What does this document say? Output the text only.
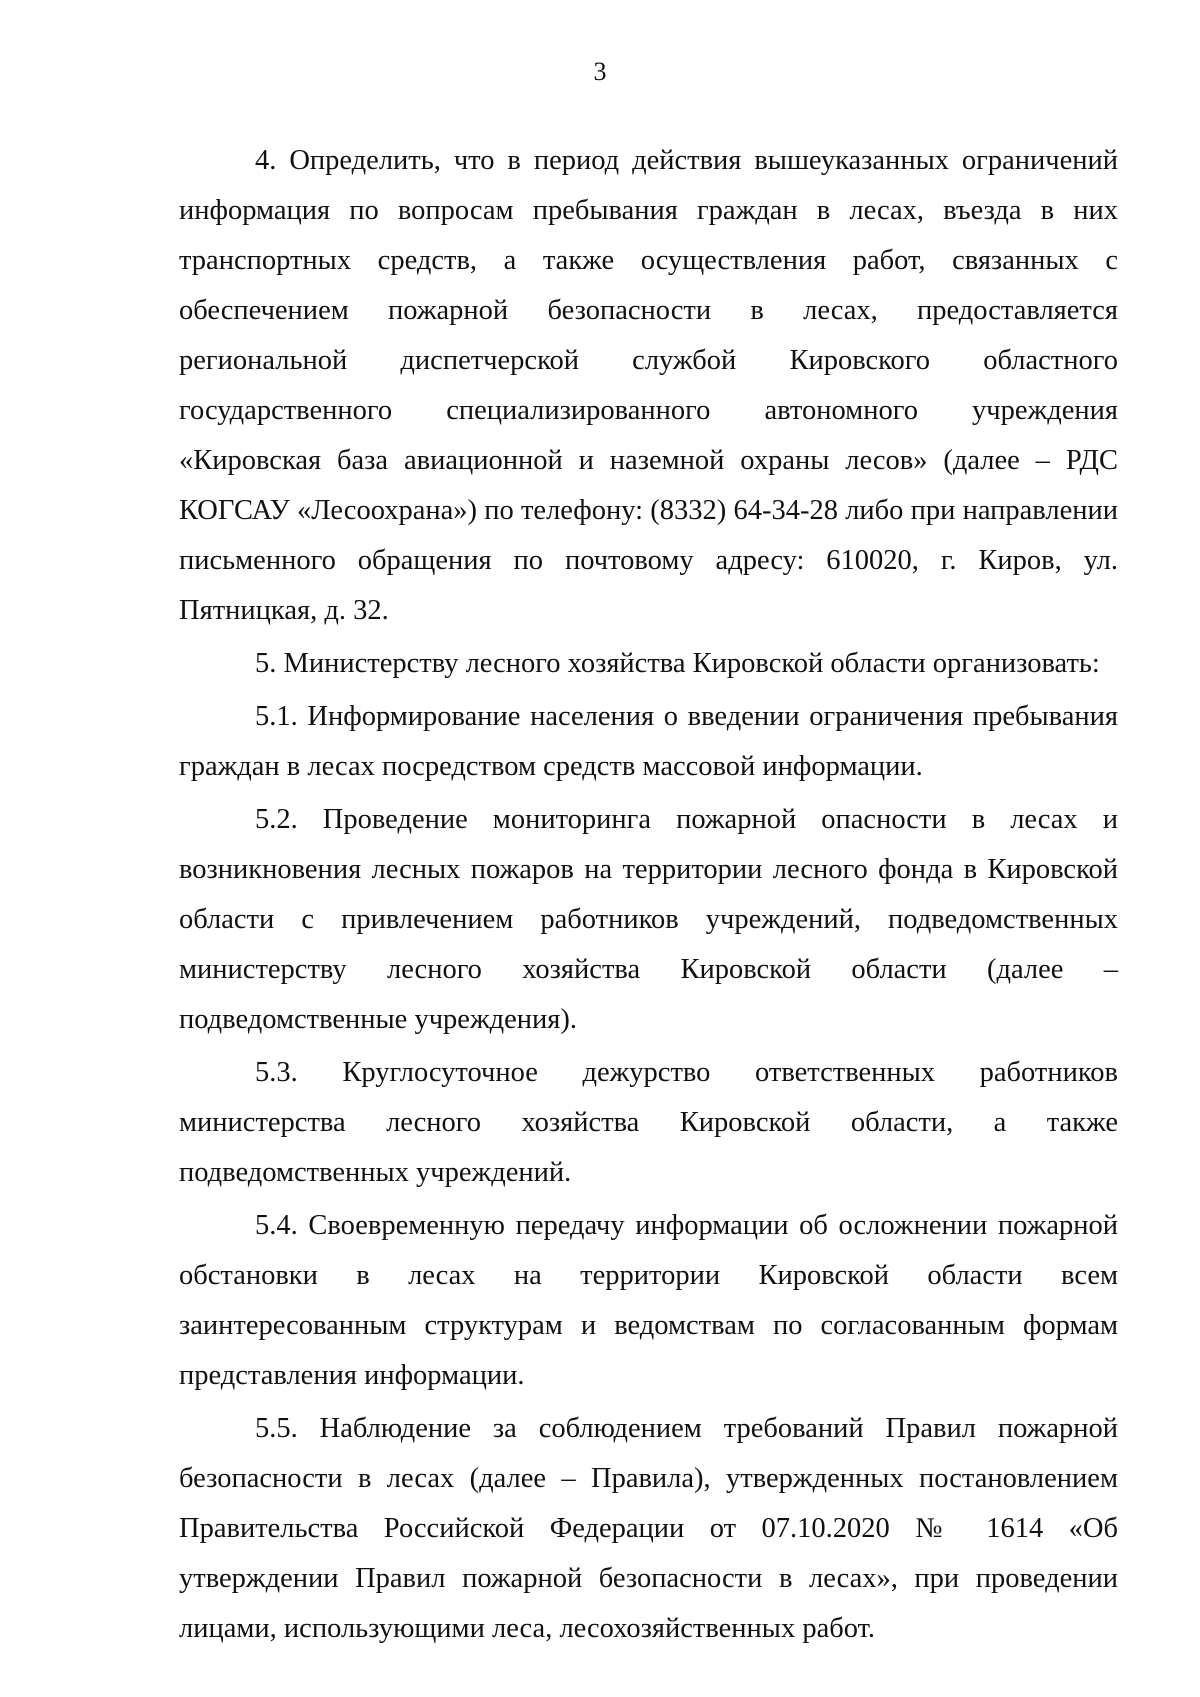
3

4. Определить, что в период действия вышеуказанных ограничений информация по вопросам пребывания граждан в лесах, въезда в них транспортных средств, а также осуществления работ, связанных с обеспечением пожарной безопасности в лесах, предоставляется региональной диспетчерской службой Кировского областного государственного специализированного автономного учреждения «Кировская база авиационной и наземной охраны лесов» (далее – РДС КОГСАУ «Лесоохрана») по телефону: (8332) 64-34-28 либо при направлении письменного обращения по почтовому адресу: 610020, г. Киров, ул. Пятницкая, д. 32.

5. Министерству лесного хозяйства Кировской области организовать:

5.1. Информирование населения о введении ограничения пребывания граждан в лесах посредством средств массовой информации.

5.2. Проведение мониторинга пожарной опасности в лесах и возникновения лесных пожаров на территории лесного фонда в Кировской области с привлечением работников учреждений, подведомственных министерству лесного хозяйства Кировской области (далее – подведомственные учреждения).

5.3. Круглосуточное дежурство ответственных работников министерства лесного хозяйства Кировской области, а также подведомственных учреждений.

5.4. Своевременную передачу информации об осложнении пожарной обстановки в лесах на территории Кировской области всем заинтересованным структурам и ведомствам по согласованным формам представления информации.

5.5. Наблюдение за соблюдением требований Правил пожарной безопасности в лесах (далее – Правила), утвержденных постановлением Правительства Российской Федерации от 07.10.2020 № 1614 «Об утверждении Правил пожарной безопасности в лесах», при проведении лицами, использующими леса, лесохозяйственных работ.
